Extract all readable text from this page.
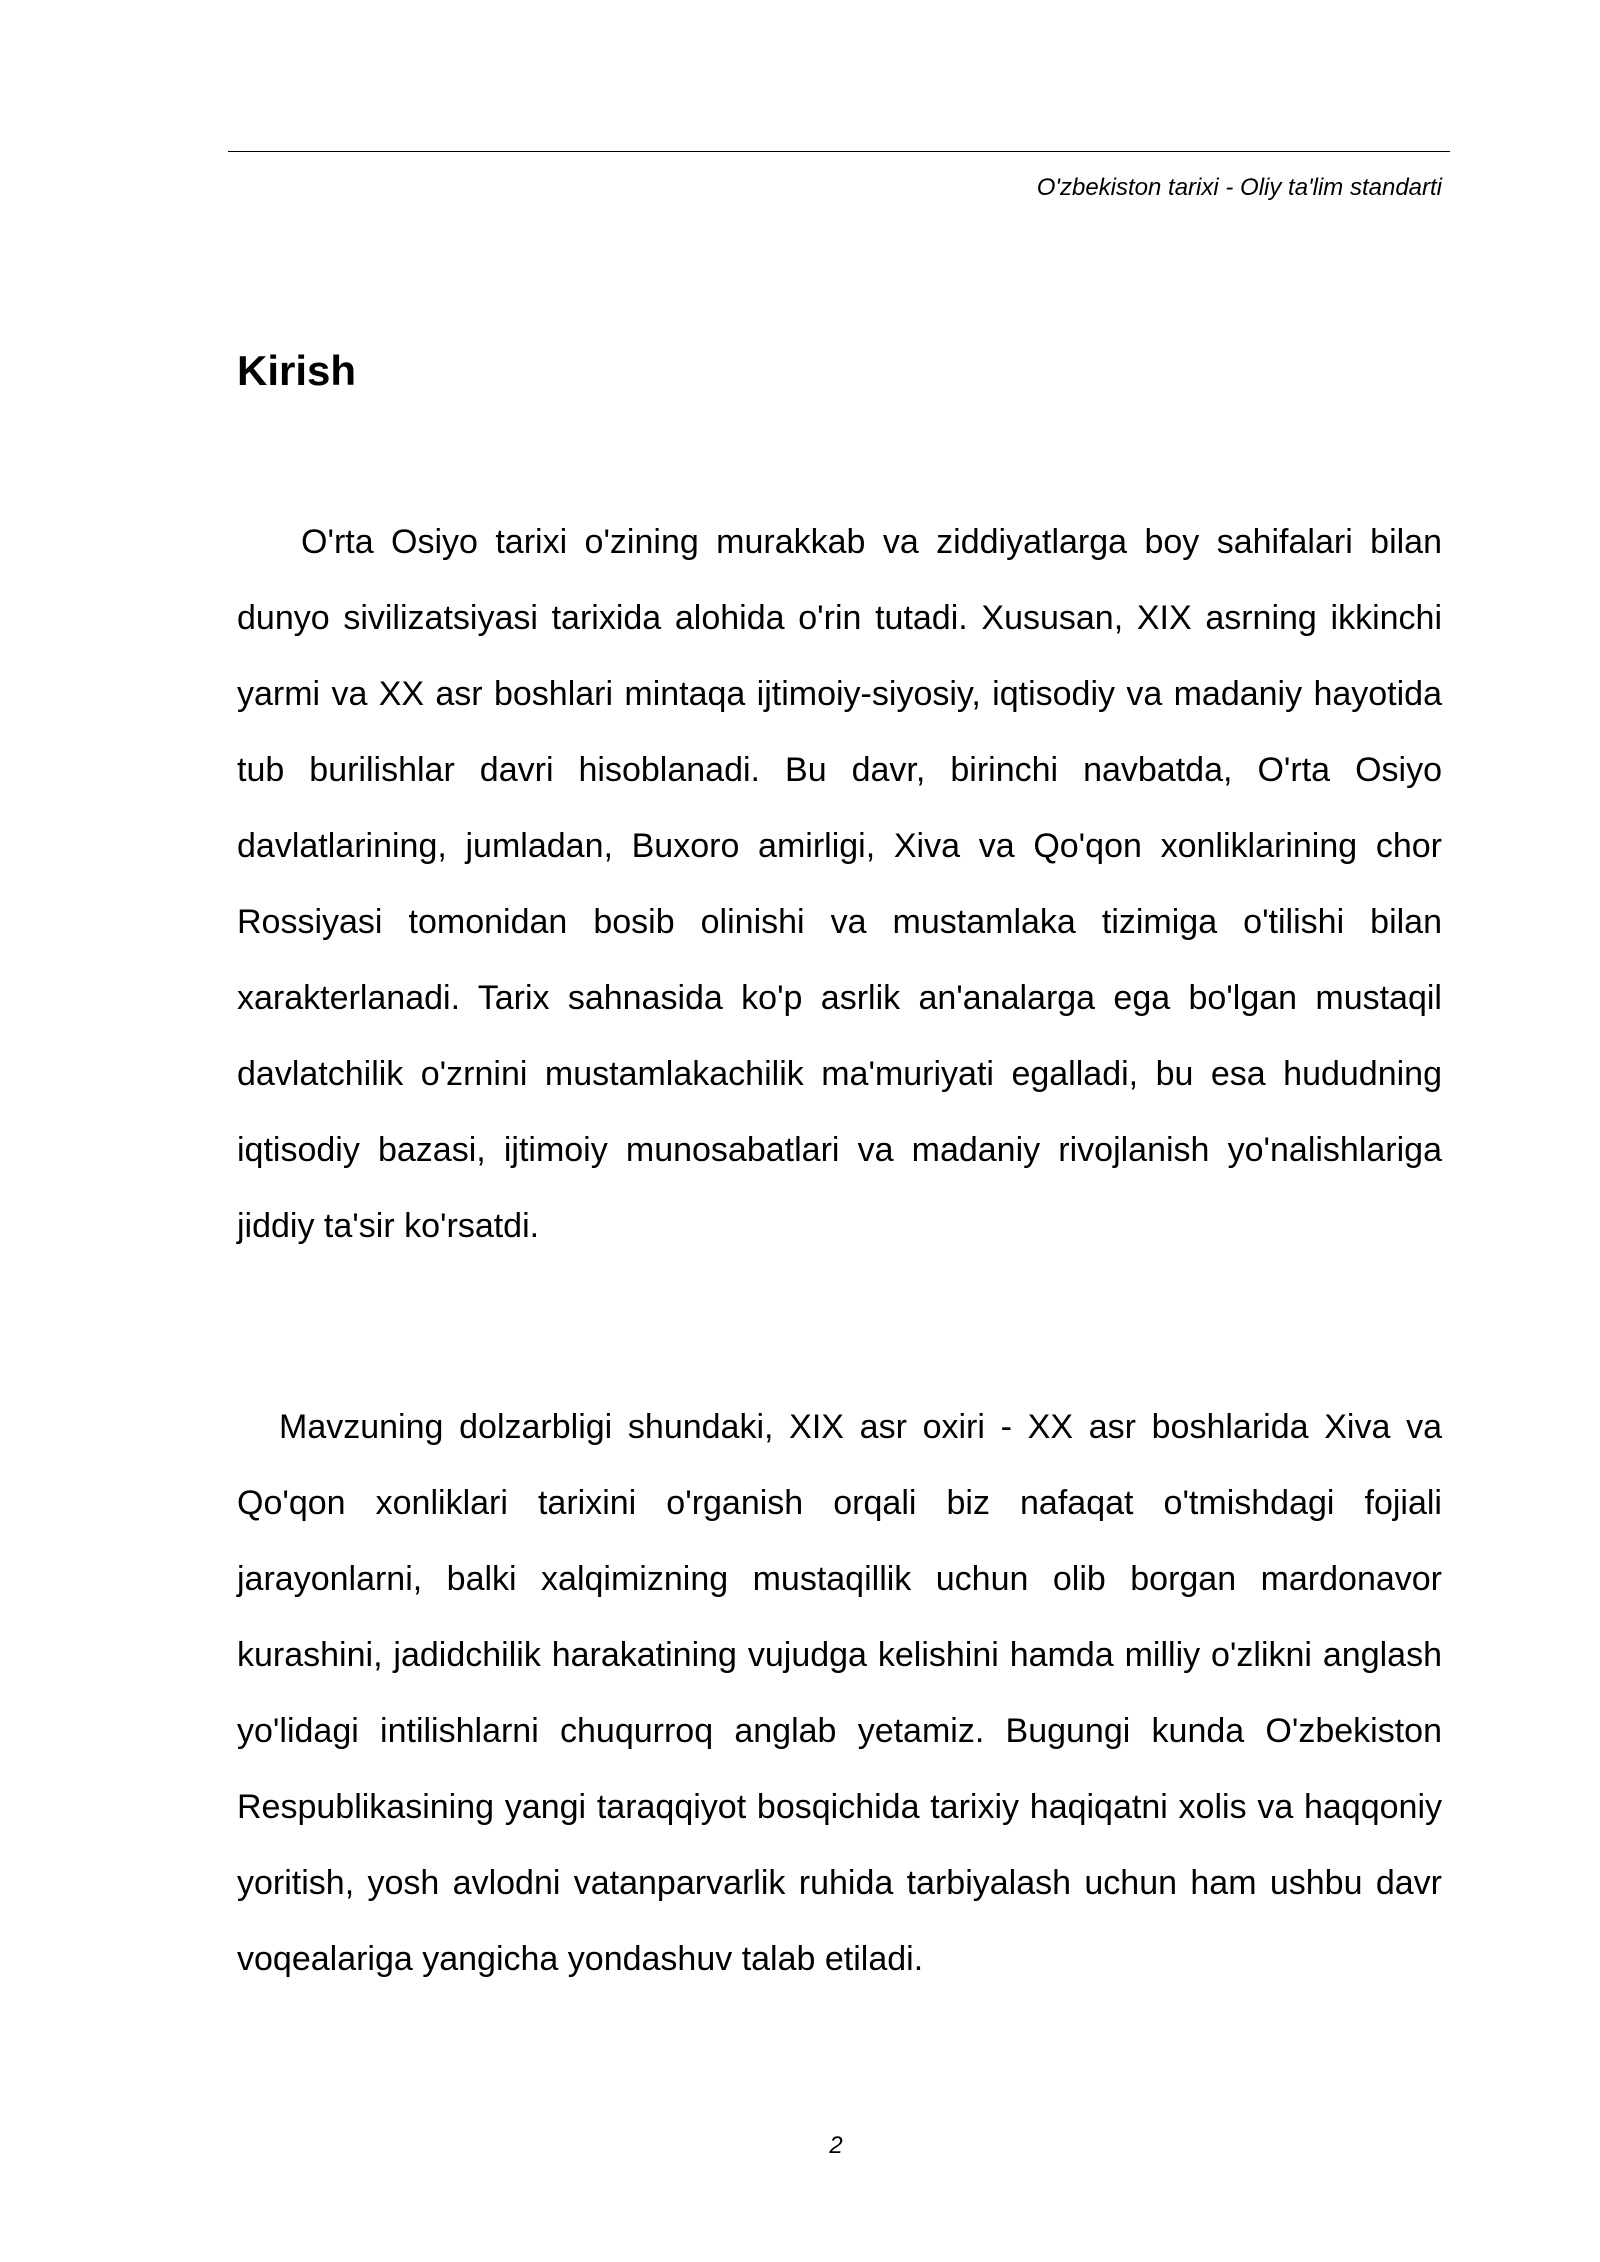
O'zbekiston tarixi - Oliy ta'lim standarti
Kirish

O'rta Osiyo tarixi o'zining murakkab va ziddiyatlarga boy sahifalari bilan dunyo sivilizatsiyasi tarixida alohida o'rin tutadi. Xususan, XIX asrning ikkinchi yarmi va XX asr boshlari mintaqa ijtimoiy-siyosiy, iqtisodiy va madaniy hayotida tub burilishlar davri hisoblanadi. Bu davr, birinchi navbatda, O'rta Osiyo davlatlarining, jumladan, Buxoro amirligi, Xiva va Qo'qon xonliklarining chor Rossiyasi tomonidan bosib olinishi va mustamlaka tizimiga o'tilishi bilan xarakterlanadi. Tarix sahnasida ko'p asrlik an'analarga ega bo'lgan mustaqil davlatchilik o'zrnini mustamlakachilik ma'muriyati egalladi, bu esa hududning iqtisodiy bazasi, ijtimoiy munosabatlari va madaniy rivojlanish yo'nalishlariga jiddiy ta'sir ko'rsatdi.

Mavzuning dolzarbligi shundaki, XIX asr oxiri - XX asr boshlarida Xiva va Qo'qon xonliklari tarixini o'rganish orqali biz nafaqat o'tmishdagi fojiali jarayonlarni, balki xalqimizning mustaqillik uchun olib borgan mardonavor kurashini, jadidchilik harakatining vujudga kelishini hamda milliy o'zlikni anglash yo'lidagi intilishlarni chuqurroq anglab yetamiz. Bugungi kunda O'zbekiston Respublikasining yangi taraqqiyot bosqichida tarixiy haqiqatni xolis va haqqoniy yoritish, yosh avlodni vatanparvarlik ruhida tarbiyalash uchun ham ushbu davr voqealariga yangicha yondashuv talab etiladi.

2
